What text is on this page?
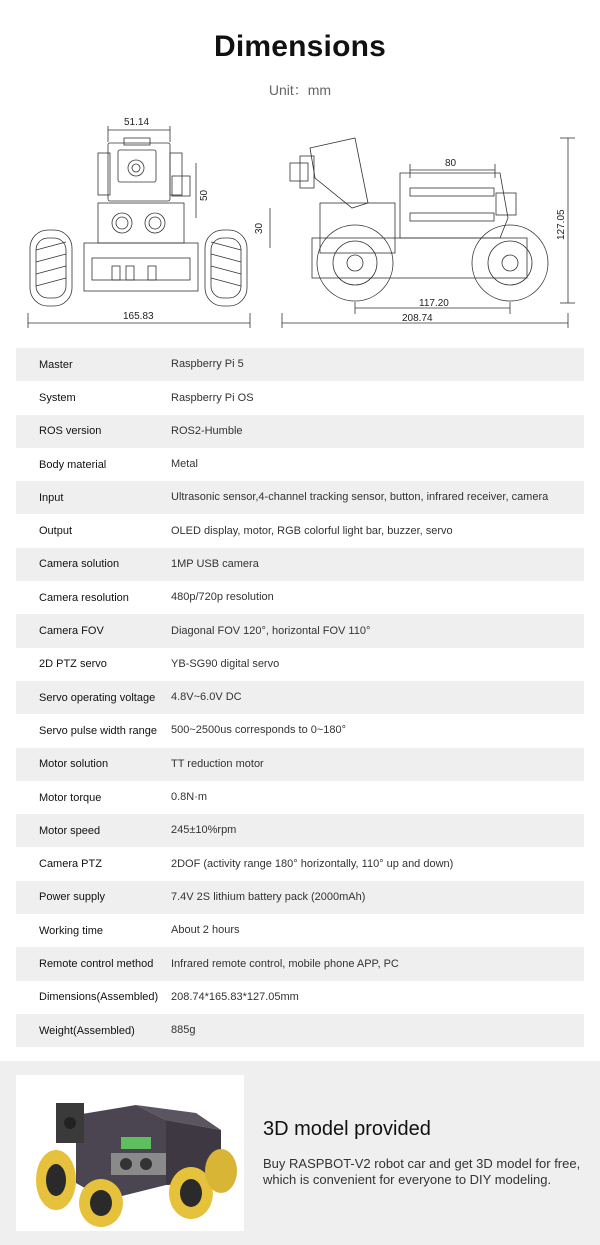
Dimensions
Unit：mm
51.14
50
30
165.83
80
127.05
117.20
208.74
Master	Raspberry Pi 5
System	Raspberry Pi OS
ROS version	ROS2-Humble
Body material	Metal
Input	Ultrasonic sensor,4-channel tracking sensor, button, infrared receiver, camera
Output	OLED display, motor, RGB colorful light bar, buzzer, servo
Camera solution	1MP USB camera
Camera resolution	480p/720p resolution
Camera FOV	Diagonal FOV 120°, horizontal FOV 110°
2D PTZ servo	YB-SG90 digital servo
Servo operating voltage	4.8V~6.0V DC
Servo pulse width range	500~2500us corresponds to 0~180°
Motor solution	TT reduction motor
Motor torque	0.8N·m
Motor speed	245±10%rpm
Camera PTZ	2DOF (activity range 180° horizontally, 110° up and down)
Power supply	7.4V 2S lithium battery pack (2000mAh)
Working time	About 2 hours
Remote control method	Infrared remote control, mobile phone APP, PC
Dimensions(Assembled)	208.74*165.83*127.05mm
Weight(Assembled)	885g
3D model provided
Buy RASPBOT-V2 robot car and get 3D model for free, which is convenient for everyone to DIY modeling.
